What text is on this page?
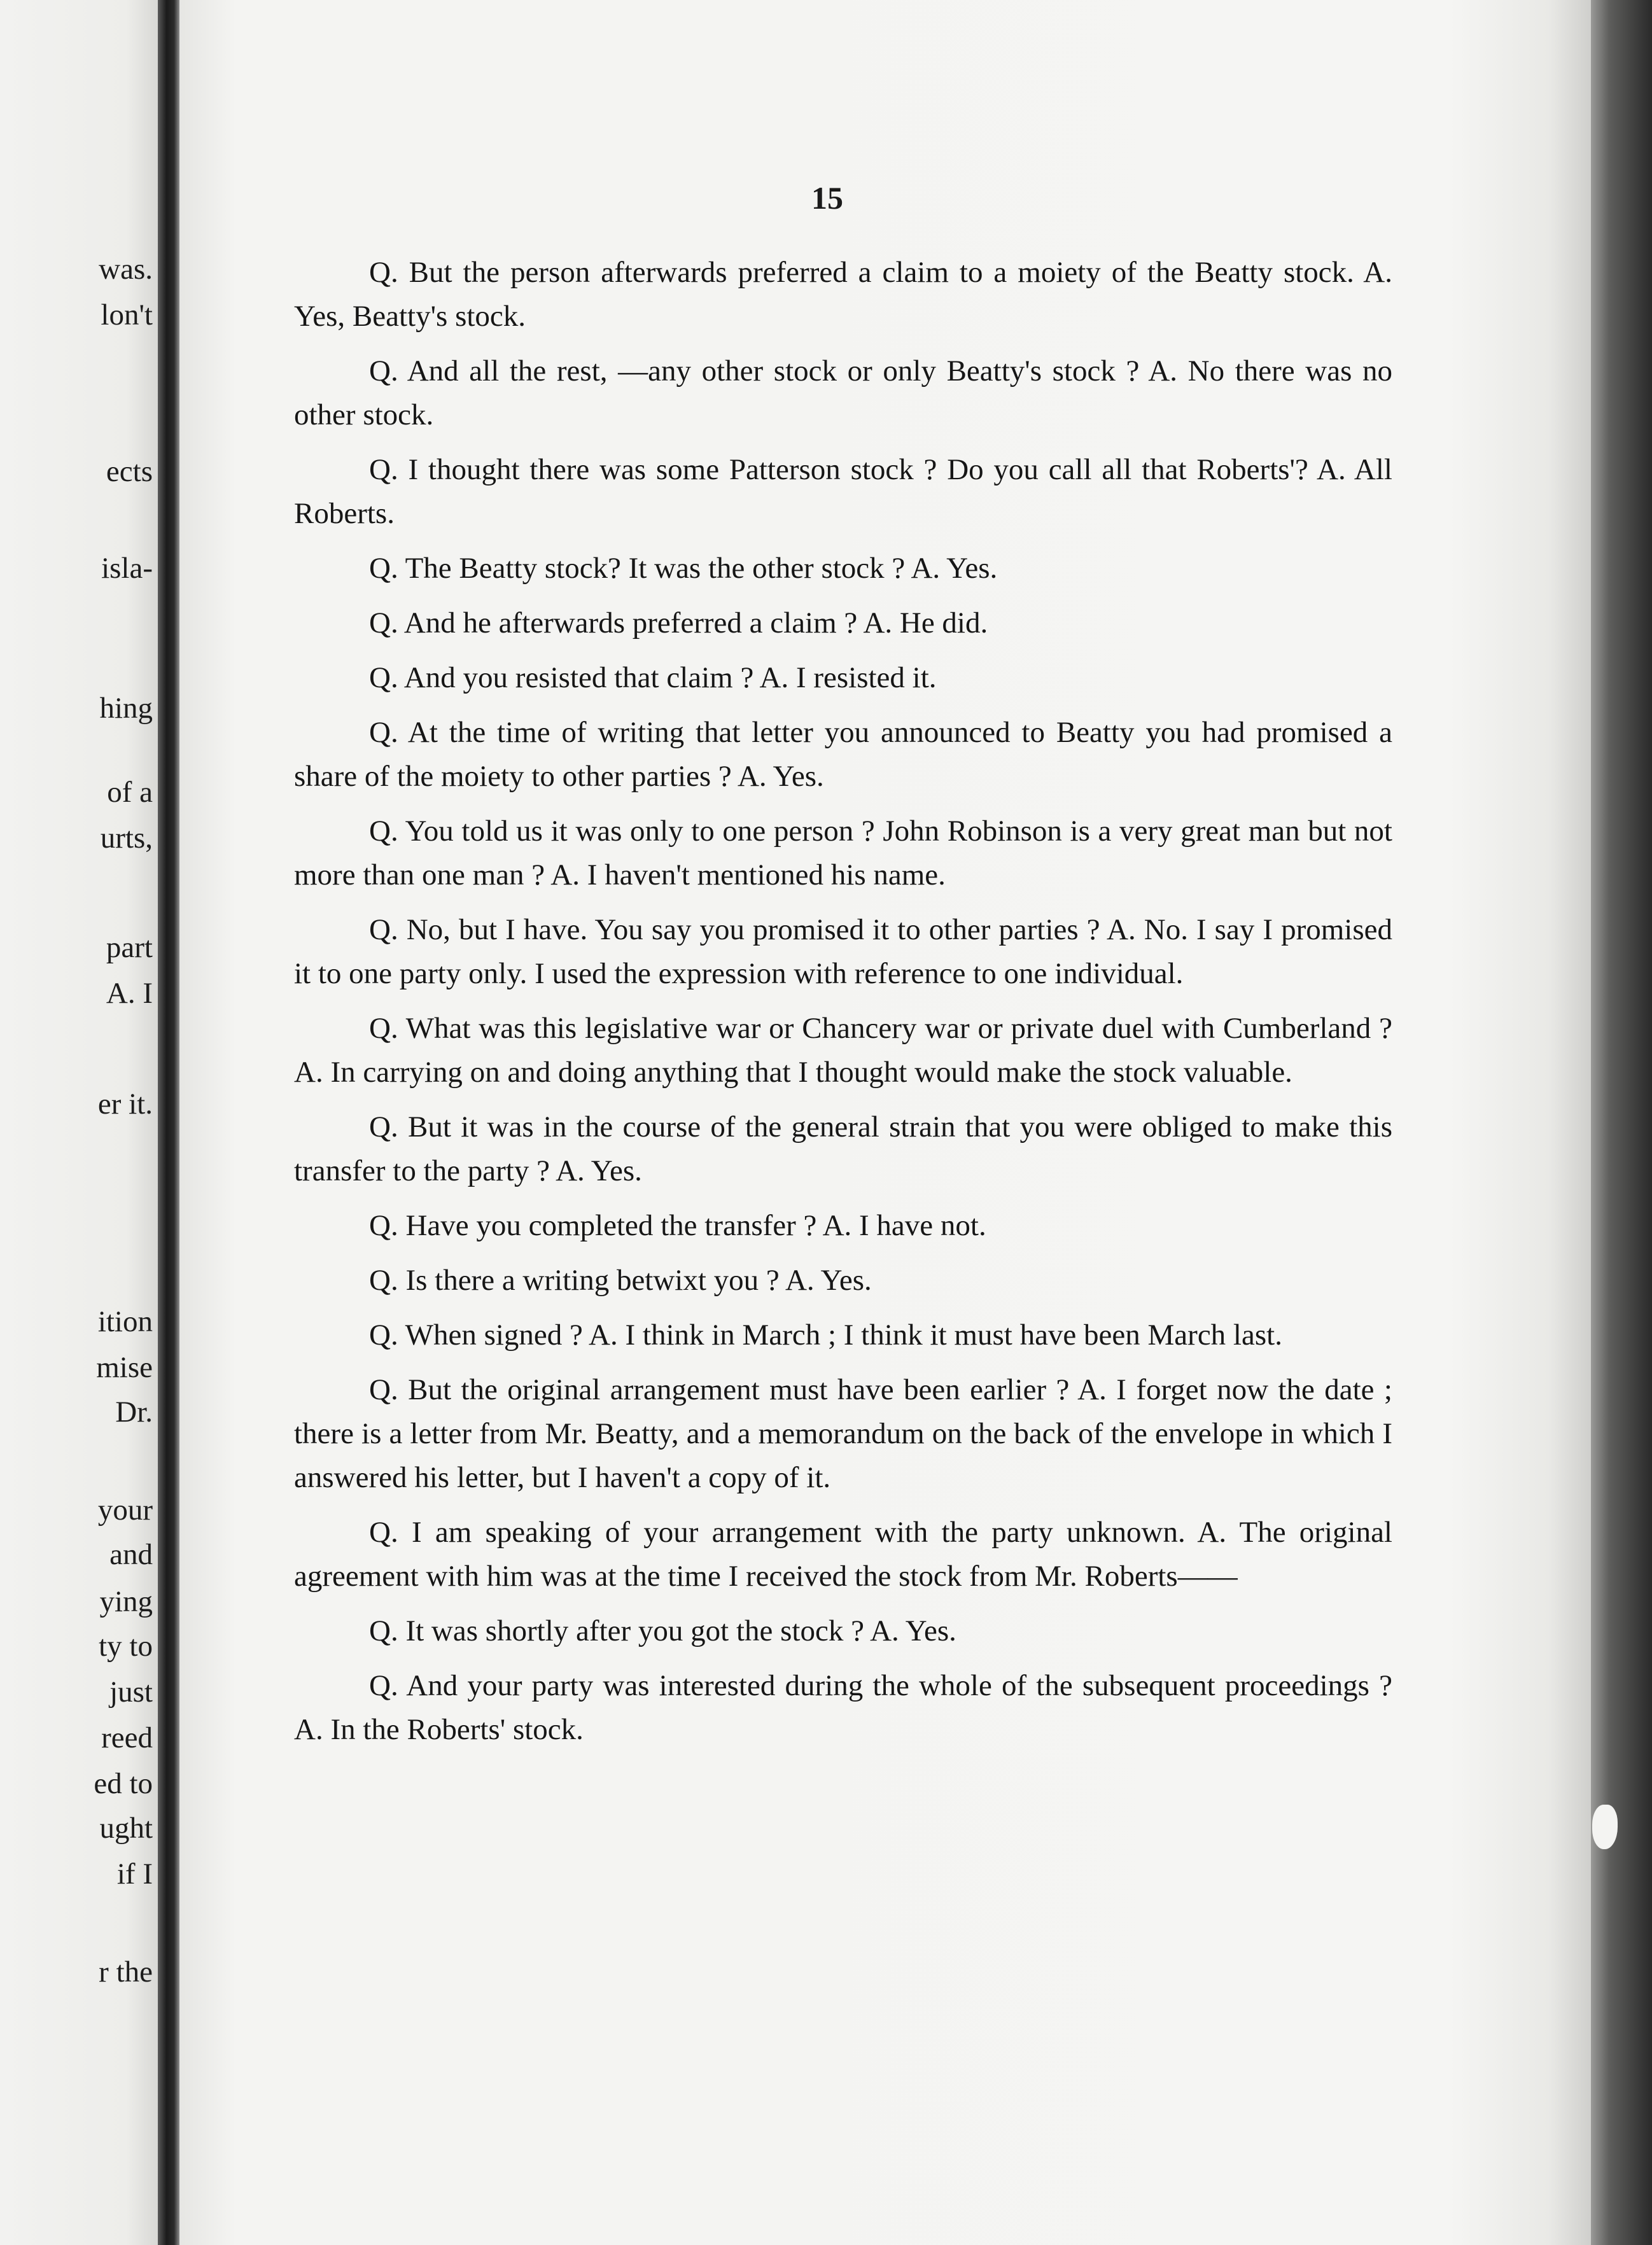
was.
lon't
ects
isla-
hing
of a
urts,
part
A. I
er it.
ition
mise
Dr.
your
and
ying
ty to
just
reed
ed to
ught
if I
r the
15

Q. But the person afterwards preferred a claim to a moiety of the Beatty stock. A. Yes, Beatty's stock.

Q. And all the rest, —any other stock or only Beatty's stock ? A. No there was no other stock.

Q. I thought there was some Patterson stock ? Do you call all that Roberts'? A. All Roberts.

Q. The Beatty stock? It was the other stock ? A. Yes.

Q. And he afterwards preferred a claim ? A. He did.

Q. And you resisted that claim ? A. I resisted it.

Q. At the time of writing that letter you announced to Beatty you had promised a share of the moiety to other parties ? A. Yes.

Q. You told us it was only to one person ? John Robinson is a very great man but not more than one man ? A. I haven't mentioned his name.

Q. No, but I have. You say you promised it to other parties ? A. No. I say I promised it to one party only. I used the expression with reference to one individual.

Q. What was this legislative war or Chancery war or private duel with Cumberland ? A. In carrying on and doing anything that I thought would make the stock valuable.

Q. But it was in the course of the general strain that you were obliged to make this transfer to the party ? A. Yes.

Q. Have you completed the transfer ? A. I have not.

Q. Is there a writing betwixt you ? A. Yes.

Q. When signed ? A. I think in March ; I think it must have been March last.

Q. But the original arrangement must have been earlier ? A. I forget now the date ; there is a letter from Mr. Beatty, and a memorandum on the back of the envelope in which I answered his letter, but I haven't a copy of it.

Q. I am speaking of your arrangement with the party unknown. A. The original agreement with him was at the time I received the stock from Mr. Roberts——

Q. It was shortly after you got the stock ? A. Yes.

Q. And your party was interested during the whole of the subsequent proceedings ? A. In the Roberts' stock.
